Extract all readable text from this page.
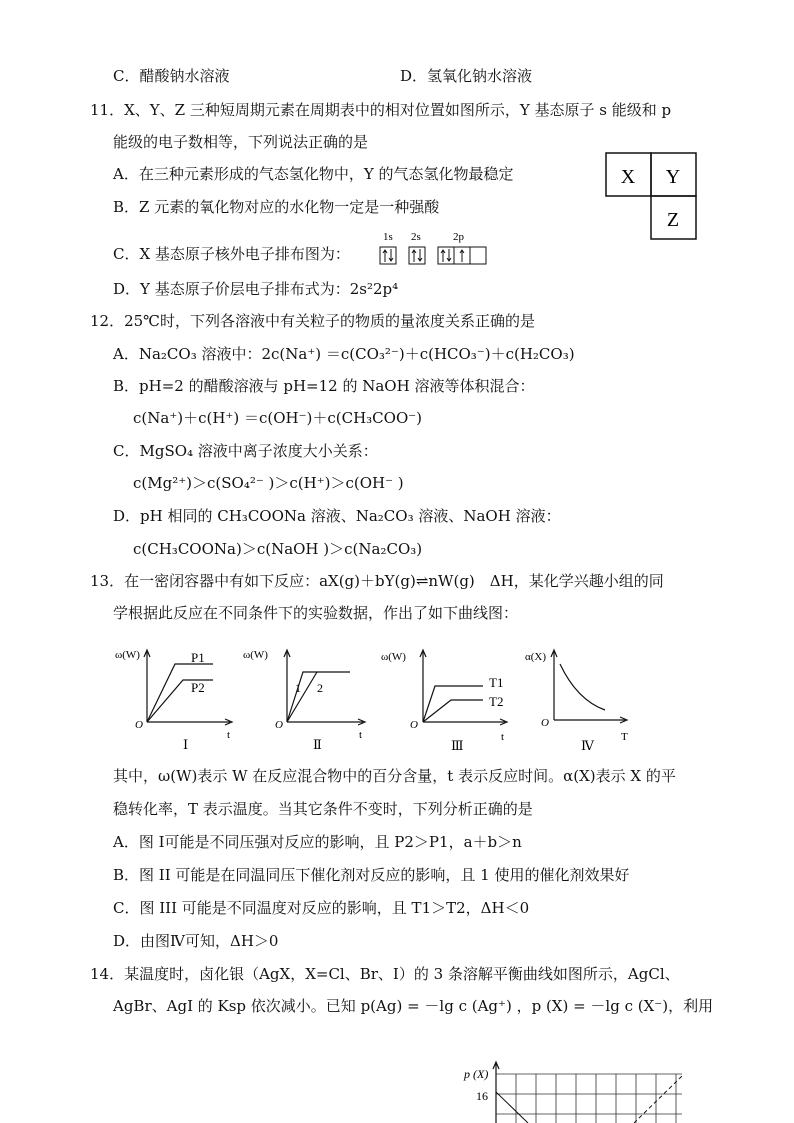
C．醋酸钠水溶液	D．氢氧化钠水溶液
11．X、Y、Z 三种短周期元素在周期表中的相对位置如图所示，Y 基态原子 s 能级和 p
能级的电子数相等，下列说法正确的是
A．在三种元素形成的气态氢化物中，Y 的气态氢化物最稳定
B．Z 元素的氧化物对应的水化物一定是一种强酸
C．X 基态原子核外电子排布图为：
1s 2s	2p
D．Y 基态原子价层电子排布式为：2s²2p⁴
X Y
Z
12．25℃时，下列各溶液中有关粒子的物质的量浓度关系正确的是
A．Na₂CO₃ 溶液中：2c(Na⁺) ＝c(CO₃²⁻)＋c(HCO₃⁻)＋c(H₂CO₃)
B．pH=2 的醋酸溶液与 pH=12 的 NaOH 溶液等体积混合：
c(Na⁺)＋c(H⁺) ＝c(OH⁻)＋c(CH₃COO⁻)
C．MgSO₄ 溶液中离子浓度大小关系：
c(Mg²⁺)＞c(SO₄²⁻ )＞c(H⁺)＞c(OH⁻ )
D．pH 相同的 CH₃COONa 溶液、Na₂CO₃ 溶液、NaOH 溶液：
c(CH₃COONa)＞c(NaOH )＞c(Na₂CO₃)
13．在一密闭容器中有如下反应：aX(g)＋bY(g)⇌nW(g)　ΔH，某化学兴趣小组的同
学根据此反应在不同条件下的实验数据，作出了如下曲线图：
ω(W)
t
O
P1
P2
Ⅰ
ω(W)
t
O
1 2
Ⅱ
ω(W)
t
O
T1
T2
Ⅲ
α(X)
T
O
Ⅳ
其中，ω(W)表示 W 在反应混合物中的百分含量，t 表示反应时间。α(X)表示 X 的平
稳转化率，T 表示温度。当其它条件不变时，下列分析正确的是
A．图 Ⅰ可能是不同压强对反应的影响，且 P2＞P1，a＋b＞n
B．图 II 可能是在同温同压下催化剂对反应的影响，且 1 使用的催化剂效果好
C．图 III 可能是不同温度对反应的影响，且 T1＞T2，ΔH＜0
D．由图Ⅳ可知，ΔH＞0
14．某温度时，卤化银（AgX，X=Cl、Br、I）的 3 条溶解平衡曲线如图所示，AgCl、
AgBr、AgI 的 Ksp 依次减小。已知 p(Ag) = －lg c (Ag⁺) ，p (X) = －lg c (X⁻)，利用
p (X)
16
